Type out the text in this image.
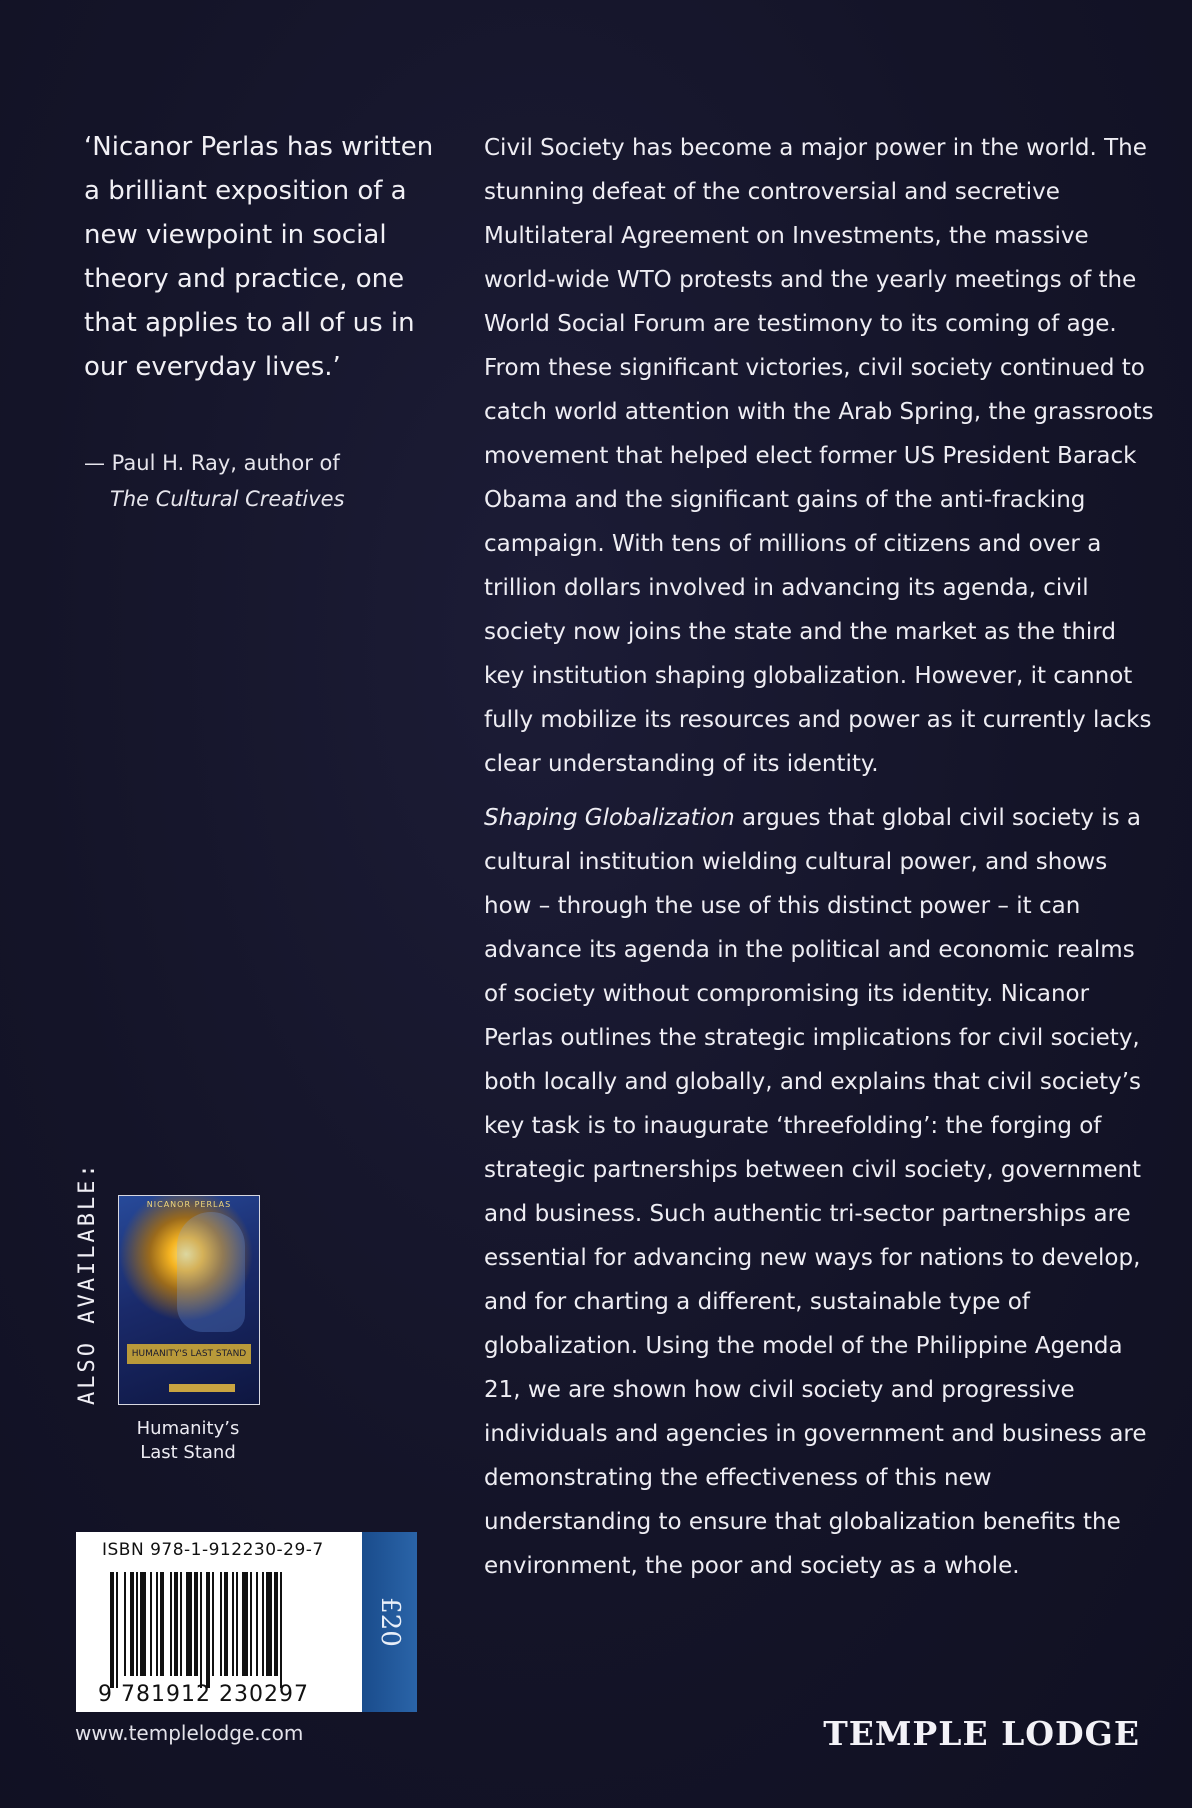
‘Nicanor Perlas has written a brilliant exposition of a new viewpoint in social theory and practice, one that applies to all of us in our everyday lives.’

— Paul H. Ray, author of
The Cultural Creatives

Civil Society has become a major power in the world. The stunning defeat of the controversial and secretive Multilateral Agreement on Investments, the massive world-wide WTO protests and the yearly meetings of the World Social Forum are testimony to its coming of age. From these significant victories, civil society continued to catch world attention with the Arab Spring, the grassroots movement that helped elect former US President Barack Obama and the significant gains of the anti-fracking campaign. With tens of millions of citizens and over a trillion dollars involved in advancing its agenda, civil society now joins the state and the market as the third key institution shaping globalization. However, it cannot fully mobilize its resources and power as it currently lacks clear understanding of its identity.

Shaping Globalization argues that global civil society is a cultural institution wielding cultural power, and shows how – through the use of this distinct power – it can advance its agenda in the political and economic realms of society without compromising its identity. Nicanor Perlas outlines the strategic implications for civil society, both locally and globally, and explains that civil society’s key task is to inaugurate ‘threefolding’: the forging of strategic partnerships between civil society, government and business. Such authentic tri-sector partnerships are essential for advancing new ways for nations to develop, and for charting a different, sustainable type of globalization. Using the model of the Philippine Agenda 21, we are shown how civil society and progressive individuals and agencies in government and business are demonstrating the effectiveness of this new understanding to ensure that globalization benefits the environment, the poor and society as a whole.

ALSO AVAILABLE:	NICANOR PERLAS
HUMANITY'S LAST STAND
Humanity’s
Last Stand
ISBN 978-1-912230-29-7
9 781912 230297
£20
www.templelodge.com	TEMPLE LODGE
